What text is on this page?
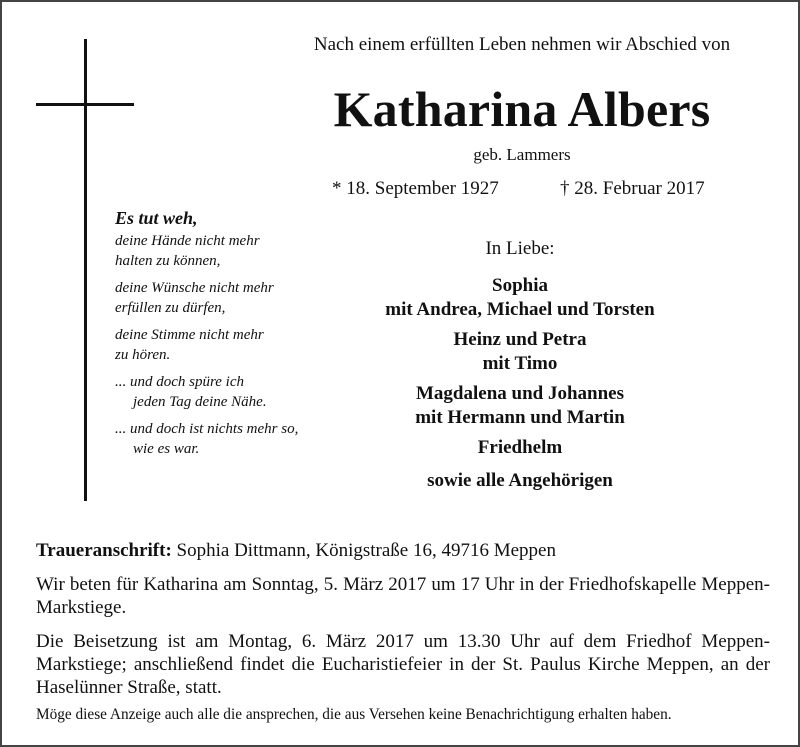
Nach einem erfüllten Leben nehmen wir Abschied von
Katharina Albers
geb. Lammers
* 18. September 1927	† 28. Februar 2017
Es tut weh,
deine Hände nicht mehr
halten zu können,
deine Wünsche nicht mehr
erfüllen zu dürfen,
deine Stimme nicht mehr
zu hören.
... und doch spüre ich
jeden Tag deine Nähe.
... und doch ist nichts mehr so,
wie es war.
In Liebe:
Sophia
mit Andrea, Michael und Torsten
Heinz und Petra
mit Timo
Magdalena und Johannes
mit Hermann und Martin
Friedhelm
sowie alle Angehörigen
Traueranschrift: Sophia Dittmann, Königstraße 16, 49716 Meppen
Wir beten für Katharina am Sonntag, 5. März 2017 um 17 Uhr in der Friedhofskapelle Meppen-Markstiege.
Die Beisetzung ist am Montag, 6. März 2017 um 13.30 Uhr auf dem Friedhof Meppen-Markstiege; anschließend findet die Eucharistiefeier in der St. Paulus Kirche Meppen, an der Haselünner Straße, statt.
Möge diese Anzeige auch alle die ansprechen, die aus Versehen keine Benachrichtigung erhalten haben.
